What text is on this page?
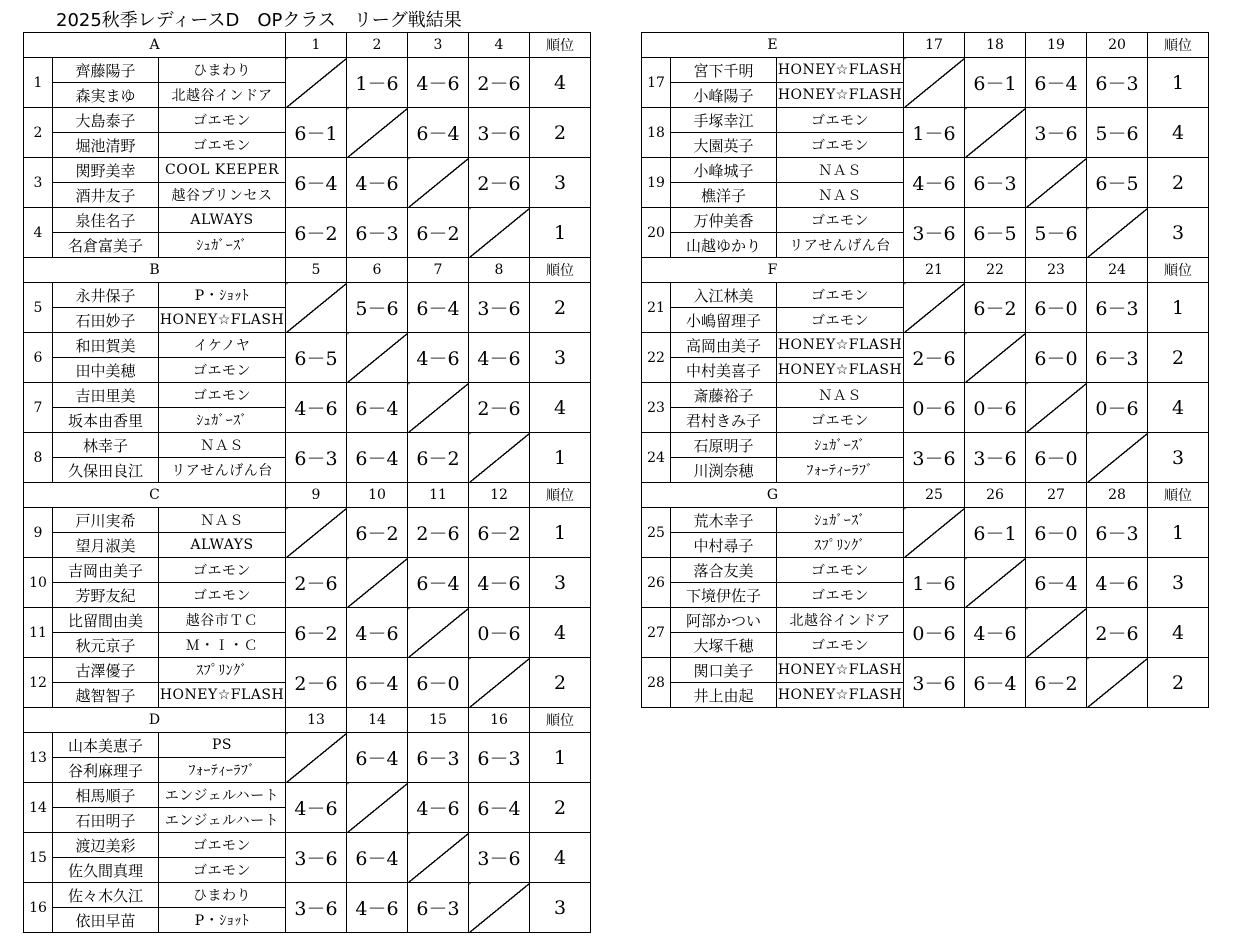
2025秋季レディースD　OPクラス　リーグ戦結果
A			1	2	3	4	順位
1	齊藤陽子	ひまわり		1－6	4－6	2－6	4
	森実まゆ	北越谷インドア					
2	大島泰子	ゴエモン	6－1		6－4	3－6	2
	堀池清野	ゴエモン					
3	関野美幸	COOL KEEPER	6－4	4－6		2－6	3
	酒井友子	越谷プリンセス					
4	泉佳名子	ALWAYS	6－2	6－3	6－2		1
	名倉富美子	ｼｭｶﾞｰｽﾞ					
B			5	6	7	8	順位
5	永井保子	P・ｼｮｯﾄ		5－6	6－4	3－6	2
	石田妙子	HONEY☆FLASH					
6	和田賀美	イケノヤ	6－5		4－6	4－6	3
	田中美穂	ゴエモン					
7	吉田里美	ゴエモン	4－6	6－4		2－6	4
	坂本由香里	ｼｭｶﾞｰｽﾞ					
8	林幸子	ＮＡＳ	6－3	6－4	6－2		1
	久保田良江	リアせんげん台					
C			9	10	11	12	順位
9	戸川実希	ＮＡＳ		6－2	2－6	6－2	1
	望月淑美	ALWAYS					
10	吉岡由美子	ゴエモン	2－6		6－4	4－6	3
	芳野友紀	ゴエモン					
11	比留間由美	越谷市ＴＣ	6－2	4－6		0－6	4
	秋元京子	Ｍ・Ｉ・Ｃ					
12	古澤優子	ｽﾌﾟﾘﾝｸﾞ	2－6	6－4	6－0		2
	越智智子	HONEY☆FLASH					
D			13	14	15	16	順位
13	山本美恵子	PS		6－4	6－3	6－3	1
	谷利麻理子	ﾌｫｰﾃｨｰﾗﾌﾞ					
14	相馬順子	エンジェルハート	4－6		4－6	6－4	2
	石田明子	エンジェルハート					
15	渡辺美彩	ゴエモン	3－6	6－4		3－6	4
	佐久間真理	ゴエモン					
16	佐々木久江	ひまわり	3－6	4－6	6－3		3
	依田早苗	P・ｼｮｯﾄ					
E			17	18	19	20	順位
17	宮下千明	HONEY☆FLASH		6－1	6－4	6－3	1
	小峰陽子	HONEY☆FLASH					
18	手塚幸江	ゴエモン	1－6		3－6	5－6	4
	大園英子	ゴエモン					
19	小峰城子	ＮＡＳ	4－6	6－3		6－5	2
	樵洋子	ＮＡＳ					
20	万仲美香	ゴエモン	3－6	6－5	5－6		3
	山越ゆかり	リアせんげん台					
F			21	22	23	24	順位
21	入江林美	ゴエモン		6－2	6－0	6－3	1
	小嶋留理子	ゴエモン					
22	高岡由美子	HONEY☆FLASH	2－6		6－0	6－3	2
	中村美喜子	HONEY☆FLASH					
23	斎藤裕子	ＮＡＳ	0－6	0－6		0－6	4
	君村きみ子	ゴエモン					
24	石原明子	ｼｭｶﾞｰｽﾞ	3－6	3－6	6－0		3
	川渕奈穂	ﾌｫｰﾃｨｰﾗﾌﾞ					
G			25	26	27	28	順位
25	荒木幸子	ｼｭｶﾞｰｽﾞ		6－1	6－0	6－3	1
	中村尋子	ｽﾌﾟﾘﾝｸﾞ					
26	落合友美	ゴエモン	1－6		6－4	4－6	3
	下境伊佐子	ゴエモン					
27	阿部かつい	北越谷インドア	0－6	4－6		2－6	4
	大塚千穂	ゴエモン					
28	関口美子	HONEY☆FLASH	3－6	6－4	6－2		2
	井上由起	HONEY☆FLASH					
